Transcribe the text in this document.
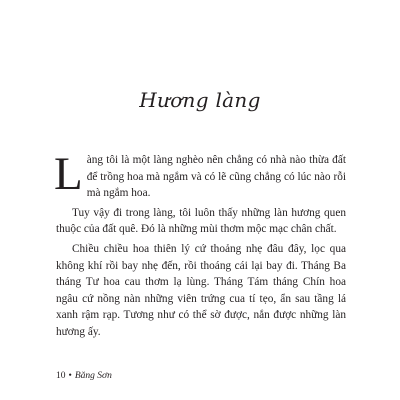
Hương làng

Làng tôi là một làng nghèo nên chẳng có nhà nào thừa đất để trồng hoa mà ngắm và có lẽ cũng chẳng có lúc nào rỗi mà ngắm hoa.

Tuy vậy đi trong làng, tôi luôn thấy những làn hương quen thuộc của đất quê. Đó là những mùi thơm mộc mạc chân chất.

Chiều chiều hoa thiên lý cứ thoảng nhẹ đâu đây, lọc qua không khí rồi bay nhẹ đến, rồi thoáng cái lại bay đi. Tháng Ba tháng Tư hoa cau thơm lạ lùng. Tháng Tám tháng Chín hoa ngâu cứ nồng nàn những viên trứng cua tí tẹo, ẩn sau tầng lá xanh rậm rạp. Tương như có thể sờ được, nắn được những làn hương ấy.

10 • Băng Sơn
